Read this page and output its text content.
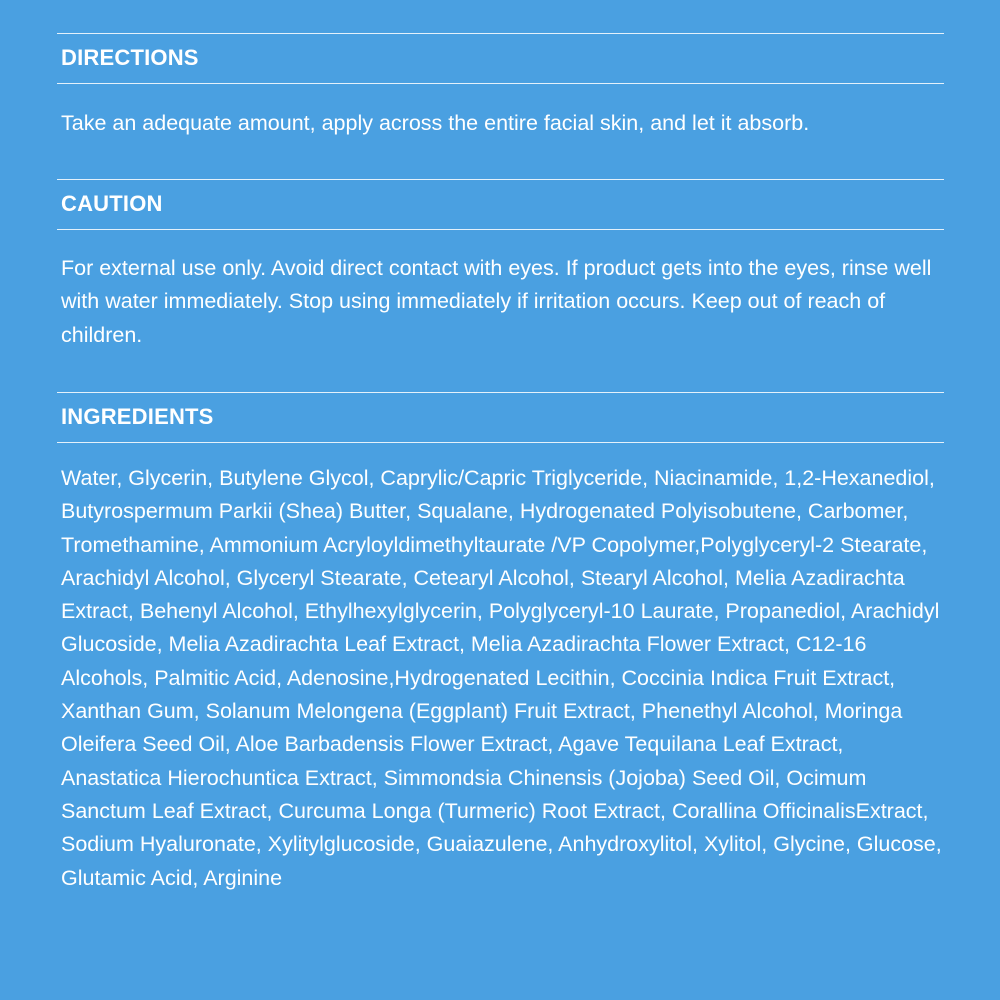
DIRECTIONS
Take an adequate amount, apply across the entire facial skin, and let it absorb.
CAUTION
For external use only. Avoid direct contact with eyes. If product gets into the eyes, rinse well with water immediately. Stop using immediately if irritation occurs. Keep out of reach of children.
INGREDIENTS
Water, Glycerin, Butylene Glycol, Caprylic/Capric Triglyceride, Niacinamide, 1,2-Hexanediol, Butyrospermum Parkii (Shea) Butter, Squalane, Hydrogenated Polyisobutene, Carbomer, Tromethamine, Ammonium Acryloyldimethyltaurate /VP Copolymer,Polyglyceryl-2 Stearate, Arachidyl Alcohol, Glyceryl Stearate, Cetearyl Alcohol, Stearyl Alcohol, Melia Azadirachta Extract, Behenyl Alcohol, Ethylhexylglycerin, Polyglyceryl-10 Laurate, Propanediol, Arachidyl Glucoside, Melia Azadirachta Leaf Extract, Melia Azadirachta Flower Extract, C12-16 Alcohols, Palmitic Acid, Adenosine,Hydrogenated Lecithin, Coccinia Indica Fruit Extract, Xanthan Gum, Solanum Melongena (Eggplant) Fruit Extract, Phenethyl Alcohol, Moringa Oleifera Seed Oil, Aloe Barbadensis Flower Extract, Agave Tequilana Leaf Extract, Anastatica Hierochuntica Extract, Simmondsia Chinensis (Jojoba) Seed Oil, Ocimum Sanctum Leaf Extract, Curcuma Longa (Turmeric) Root Extract, Corallina OfficinalisExtract, Sodium Hyaluronate, Xylitylglucoside, Guaiazulene, Anhydroxylitol, Xylitol, Glycine, Glucose, Glutamic Acid, Arginine
